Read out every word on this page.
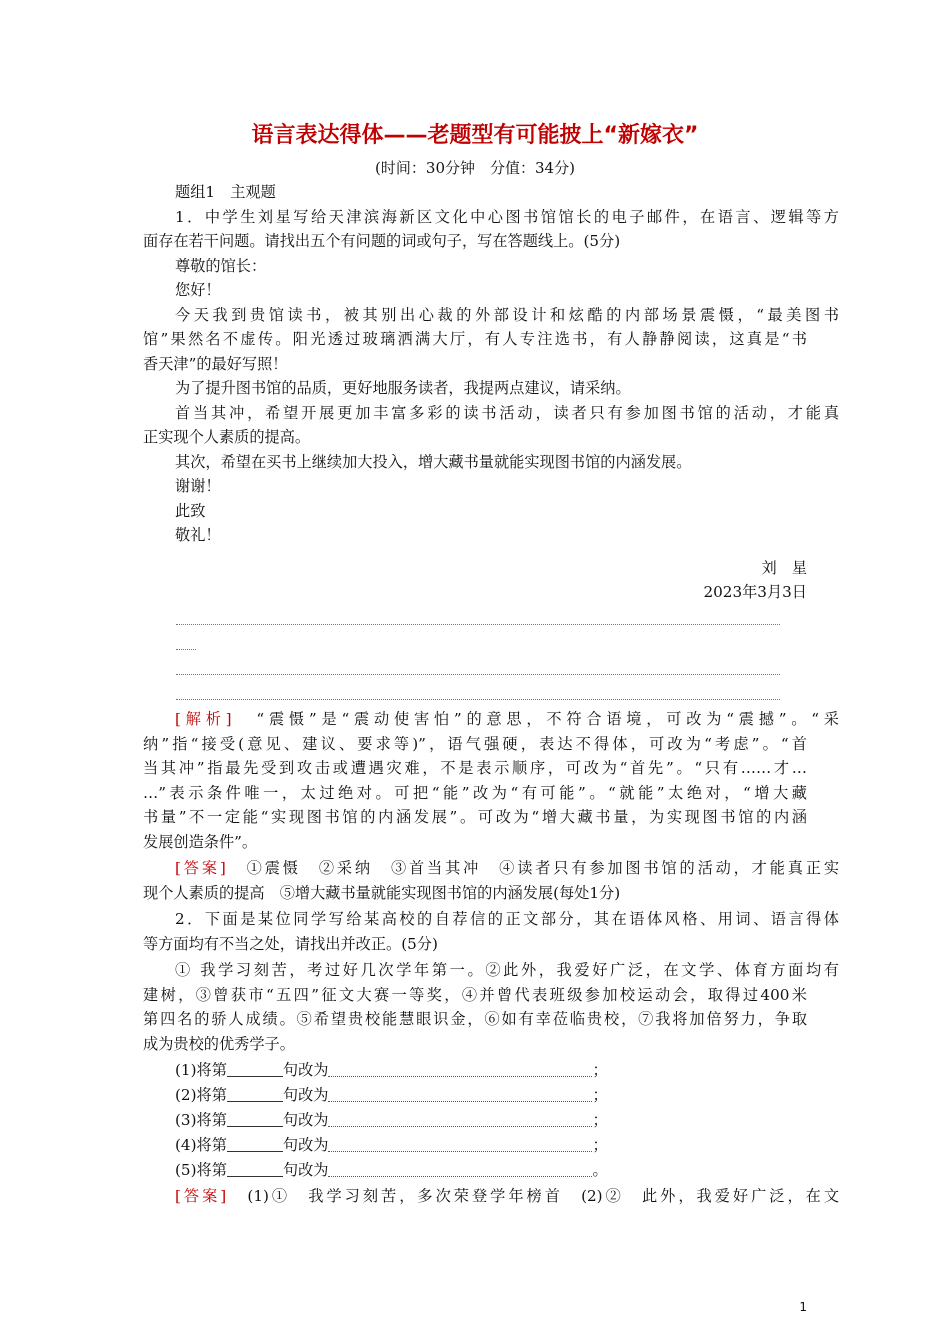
语言表达得体——老题型有可能披上“新嫁衣”
(时间：30分钟　分值：34分)
题组1　主观题
1．中学生刘星写给天津滨海新区文化中心图书馆馆长的电子邮件，在语言、逻辑等方
面存在若干问题。请找出五个有问题的词或句子，写在答题线上。(5分)
尊敬的馆长：
您好！
今天我到贵馆读书，被其别出心裁的外部设计和炫酷的内部场景震慑，“最美图书
馆”果然名不虚传。阳光透过玻璃洒满大厅，有人专注选书，有人静静阅读，这真是“书
香天津”的最好写照！
为了提升图书馆的品质，更好地服务读者，我提两点建议，请采纳。
首当其冲，希望开展更加丰富多彩的读书活动，读者只有参加图书馆的活动，才能真
正实现个人素质的提高。
其次，希望在买书上继续加大投入，增大藏书量就能实现图书馆的内涵发展。
谢谢！
此致
敬礼！
刘　星
2023年3月3日
[解析]　 “震慑”是“震动使害怕”的意思，不符合语境，可改为“震撼”。“采
纳”指“接受(意见、建议、要求等)”，语气强硬，表达不得体，可改为“考虑”。“首
当其冲”指最先受到攻击或遭遇灾难，不是表示顺序，可改为“首先”。“只有……才…
…”表示条件唯一，太过绝对。可把“能”改为“有可能”。“就能”太绝对，“增大藏
书量”不一定能“实现图书馆的内涵发展”。可改为“增大藏书量，为实现图书馆的内涵
发展创造条件”。
[答案]　 ①震慑　②采纳　③首当其冲　④读者只有参加图书馆的活动，才能真正实
现个人素质的提高　⑤增大藏书量就能实现图书馆的内涵发展(每处1分)
2．下面是某位同学写给某高校的自荐信的正文部分，其在语体风格、用词、语言得体
等方面均有不当之处，请找出并改正。(5分)
① 我学习刻苦，考过好几次学年第一。②此外，我爱好广泛，在文学、体育方面均有
建树，③曾获市“五四”征文大赛一等奖，④并曾代表班级参加校运动会，取得过400米
第四名的骄人成绩。⑤希望贵校能慧眼识金，⑥如有幸莅临贵校，⑦我将加倍努力，争取
成为贵校的优秀学子。
(1)将第	句改为	；
(2)将第	句改为	；
(3)将第	句改为	；
(4)将第	句改为	；
(5)将第	句改为	。
[答案]　 (1)①　我学习刻苦，多次荣登学年榜首　(2)②　此外，我爱好广泛，在文
1
